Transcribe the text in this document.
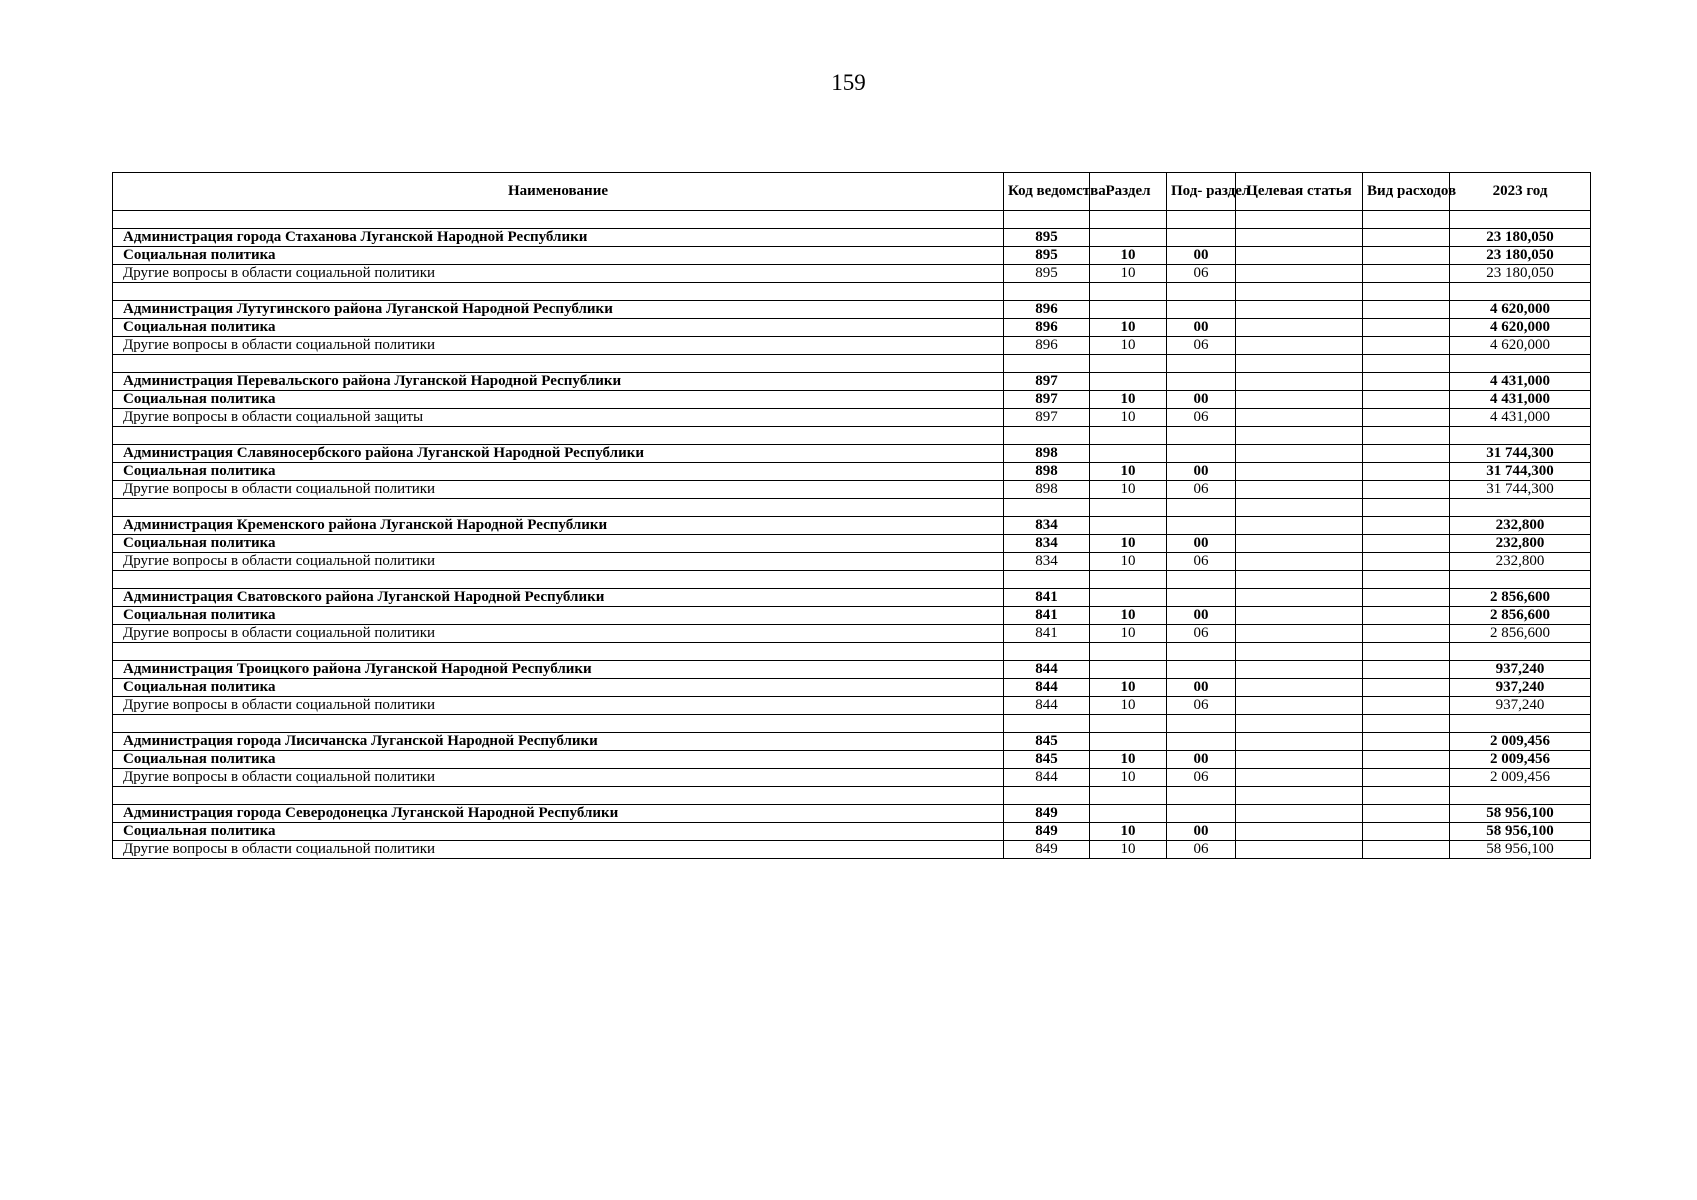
159
Наименование	Код ведомства	Раздел	Под- раздел	Целевая статья	Вид расходов	2023 год

Администрация города Стаханова Луганской Народной Республики	895					23 180,050
Социальная политика	895	10	00			23 180,050
Другие вопросы в области социальной политики	895	10	06			23 180,050

Администрация Лутугинского района Луганской Народной Республики	896					4 620,000
Социальная политика	896	10	00			4 620,000
Другие вопросы в области социальной политики	896	10	06			4 620,000

Администрация Перевальского района Луганской Народной Республики	897					4 431,000
Социальная политика	897	10	00			4 431,000
Другие вопросы в области социальной защиты	897	10	06			4 431,000

Администрация Славяносербского района Луганской Народной Республики	898					31 744,300
Социальная политика	898	10	00			31 744,300
Другие вопросы в области социальной политики	898	10	06			31 744,300

Администрация Кременского района Луганской Народной Республики	834					232,800
Социальная политика	834	10	00			232,800
Другие вопросы в области социальной политики	834	10	06			232,800

Администрация Сватовского района Луганской Народной Республики	841					2 856,600
Социальная политика	841	10	00			2 856,600
Другие вопросы в области социальной политики	841	10	06			2 856,600

Администрация Троицкого района Луганской Народной Республики	844					937,240
Социальная политика	844	10	00			937,240
Другие вопросы в области социальной политики	844	10	06			937,240

Администрация города Лисичанска Луганской Народной Республики	845					2 009,456
Социальная политика	845	10	00			2 009,456
Другие вопросы в области социальной политики	844	10	06			2 009,456

Администрация города Северодонецка Луганской Народной Республики	849					58 956,100
Социальная политика	849	10	00			58 956,100
Другие вопросы в области социальной политики	849	10	06			58 956,100
